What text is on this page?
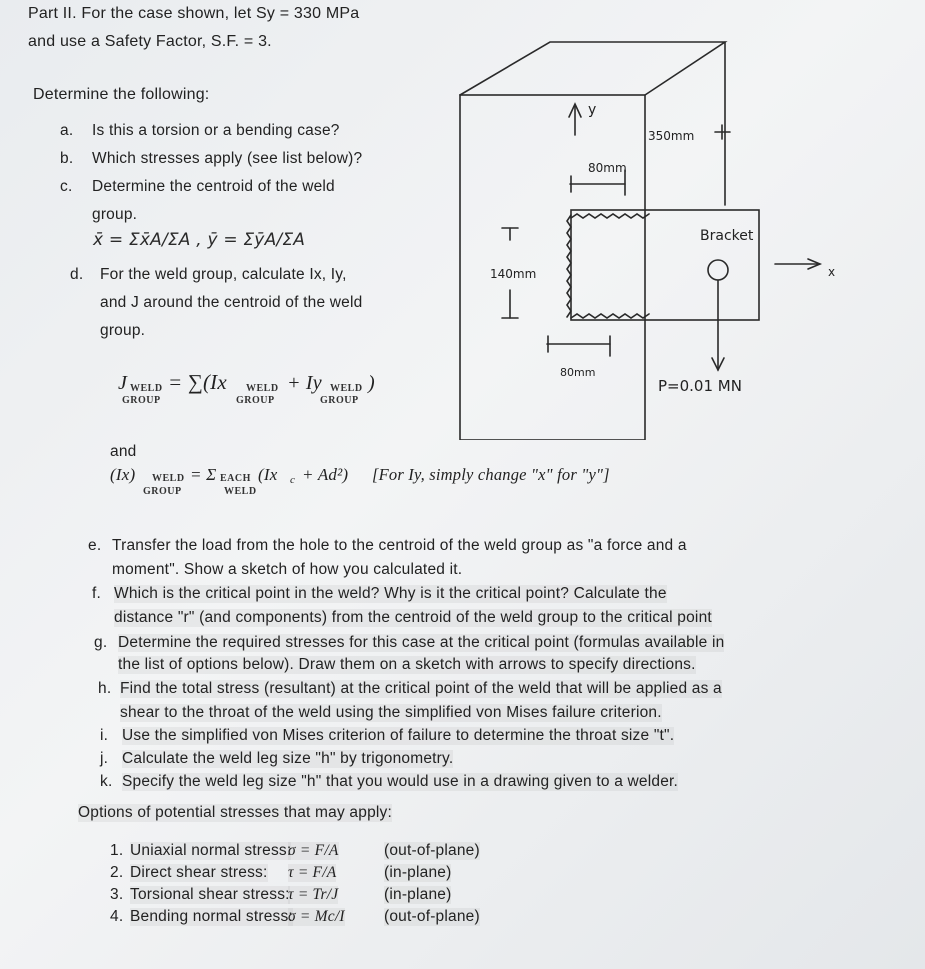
Part II. For the case shown, let Sy = 330 MPa
and use a Safety Factor, S.F. = 3.
Determine the following:
a. Is this a torsion or a bending case?
b. Which stresses apply (see list below)?
c. Determine the centroid of the weld
group.
x̄ = Σx̄A/ΣA , ȳ = ΣȳA/ΣA
d. For the weld group, calculate Ix, Iy,
and J around the centroid of the weld
group.
J WELD
GROUP
= ∑(Ix WELD
GROUP
+ Iy WELD
GROUP
)
and
(Ix) WELD
GROUP
= Σ EACH
WELD
(Ix c + Ad²) [For Iy, simply change "x" for "y"]
y
x
350mm
80mm
140mm
80mm
Bracket
P=0.01 MN
e. Transfer the load from the hole to the centroid of the weld group as "a force and a
moment". Show a sketch of how you calculated it.
f. Which is the critical point in the weld? Why is it the critical point? Calculate the
distance "r" (and components) from the centroid of the weld group to the critical point
g. Determine the required stresses for this case at the critical point (formulas available in
the list of options below). Draw them on a sketch with arrows to specify directions.
h. Find the total stress (resultant) at the critical point of the weld that will be applied as a
shear to the throat of the weld using the simplified von Mises failure criterion.
i. Use the simplified von Mises criterion of failure to determine the throat size "t".
j. Calculate the weld leg size "h" by trigonometry.
k. Specify the weld leg size "h" that you would use in a drawing given to a welder.
Options of potential stresses that may apply:
1. Uniaxial normal stress:
σ = F/A	(out-of-plane)
2. Direct shear stress: τ = F/A	(in-plane)
3. Torsional shear stress:
τ = Tr/J	(in-plane)
4. Bending normal stress:
σ = Mc/I	(out-of-plane)
